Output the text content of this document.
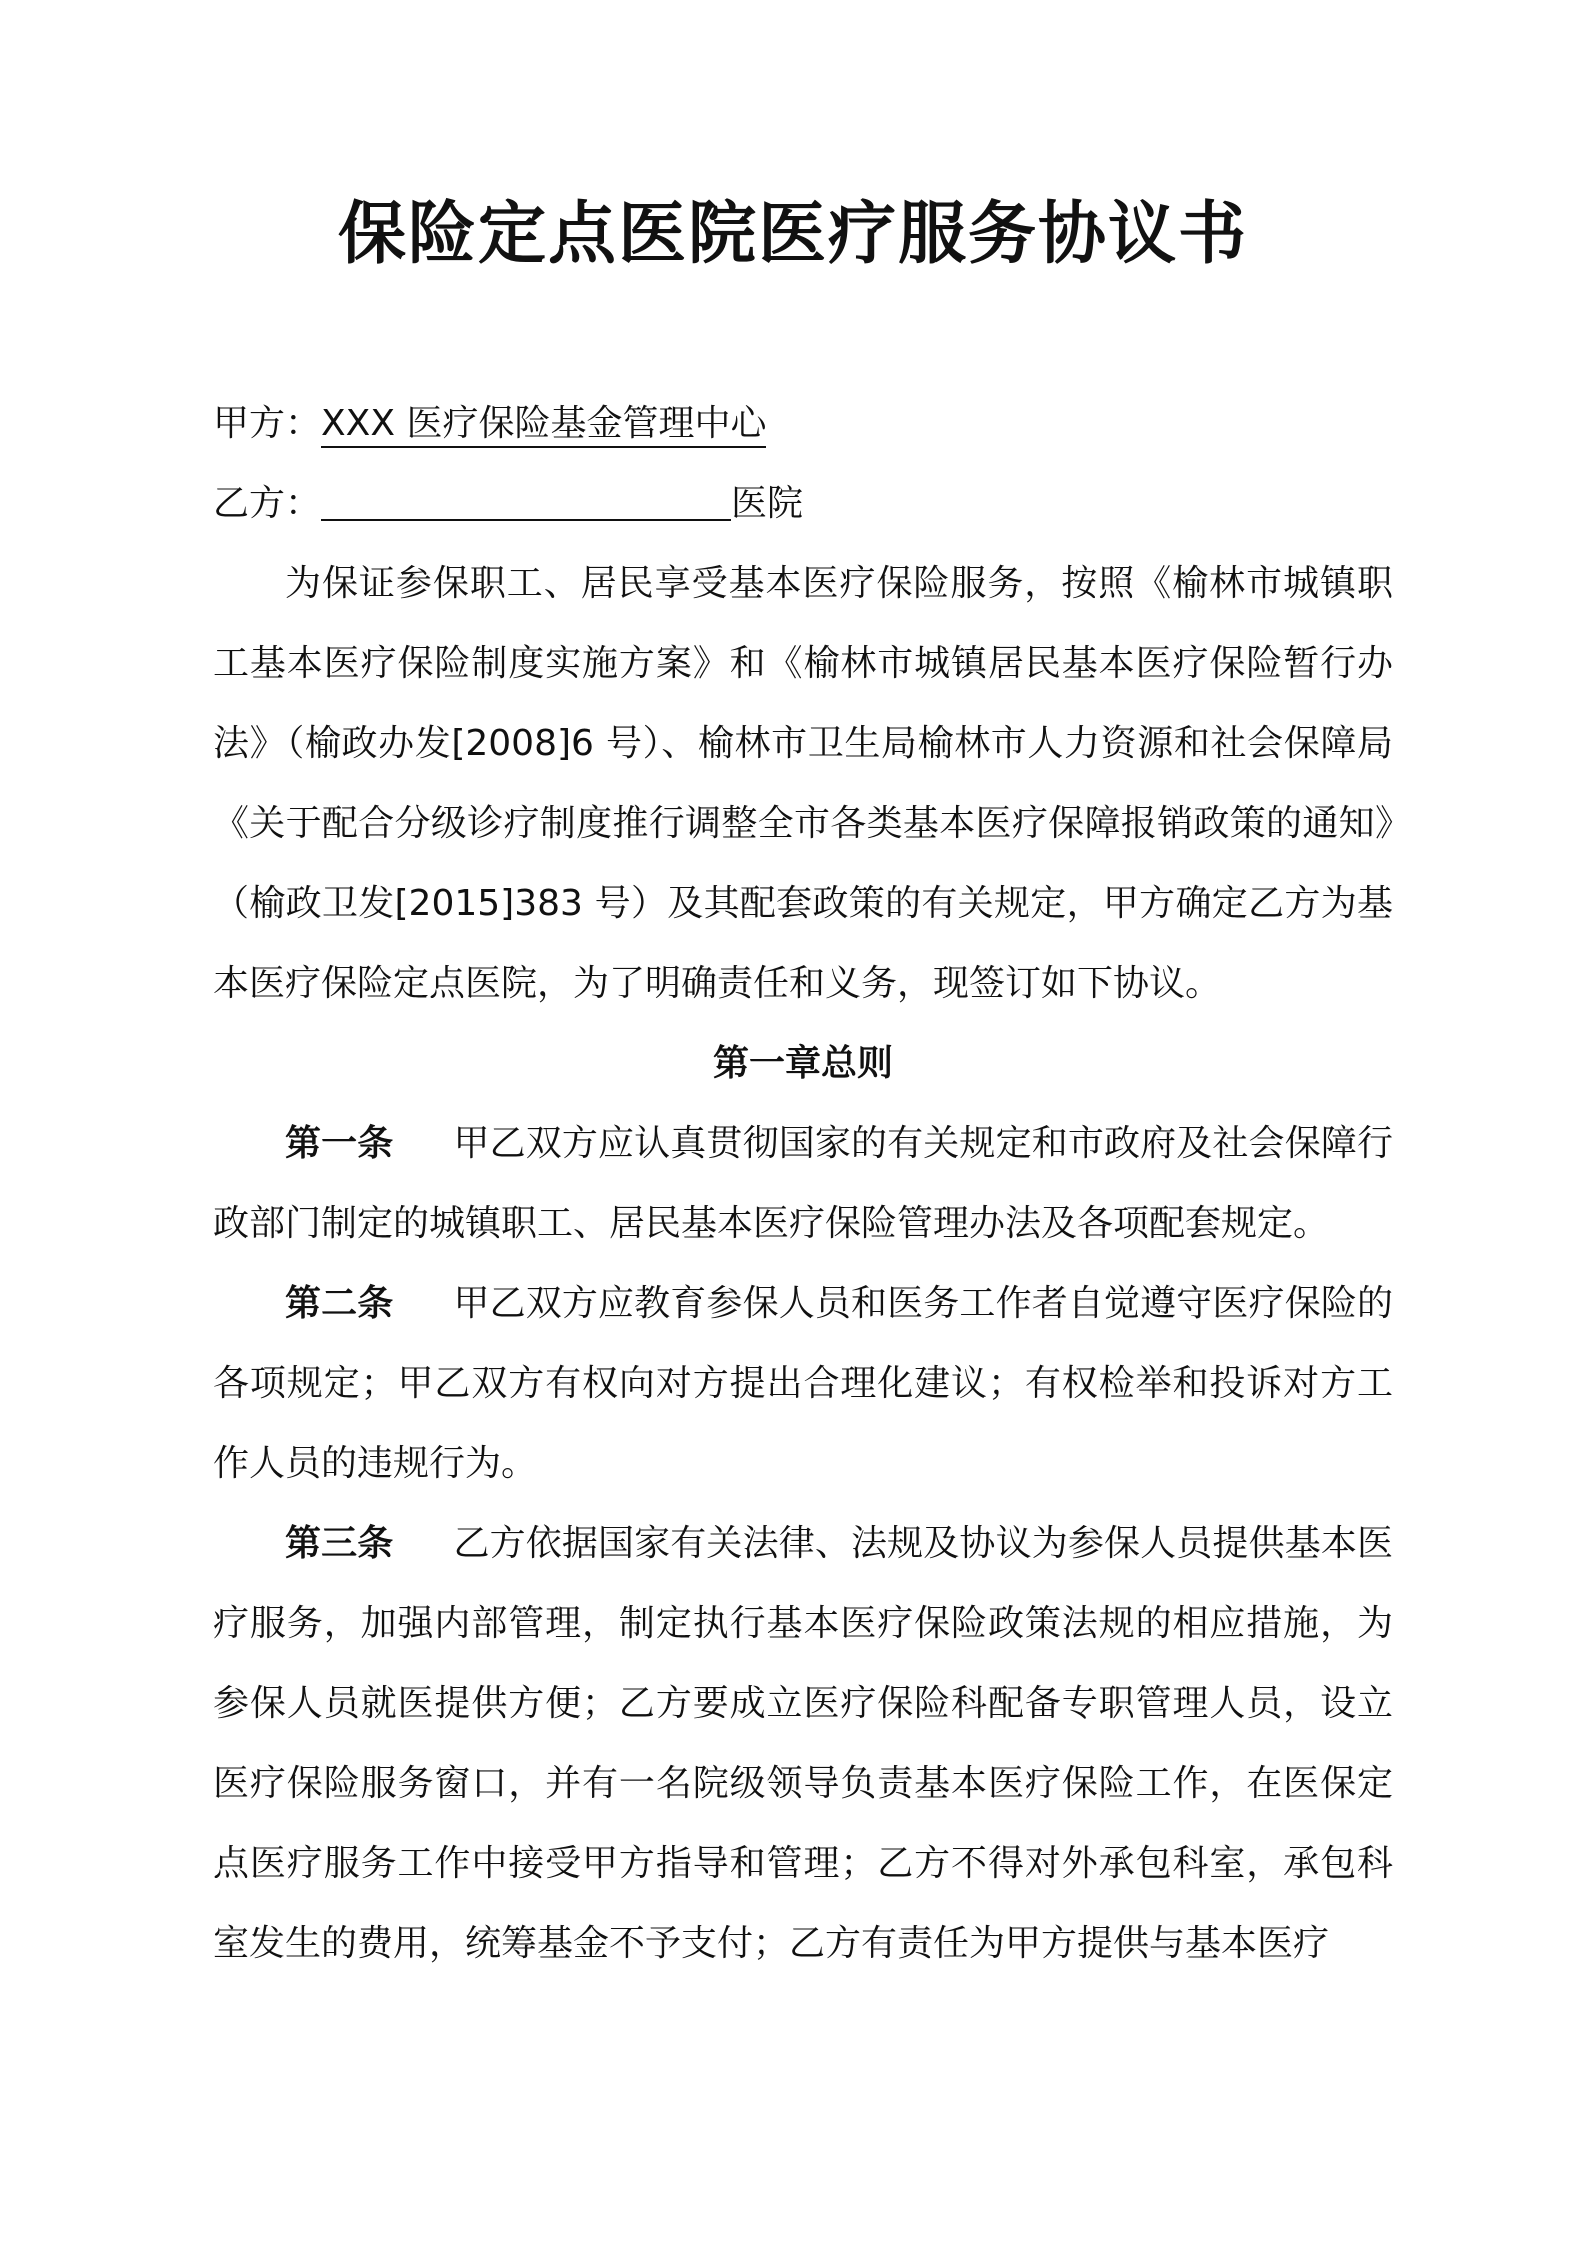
保险定点医院医疗服务协议书
甲方：XXX 医疗保险基金管理中心
乙方：	医院

为保证参保职工、居民享受基本医疗保险服务，按照《榆林市城镇职工基本医疗保险制度实施方案》和《榆林市城镇居民基本医疗保险暂行办法》（榆政办发[2008]6 号）、榆林市卫生局榆林市人力资源和社会保障局《关于配合分级诊疗制度推行调整全市各类基本医疗保障报销政策的通知》（榆政卫发[2015]383 号）及其配套政策的有关规定，甲方确定乙方为基本医疗保险定点医院，为了明确责任和义务，现签订如下协议。

第一章总则

第一条 甲乙双方应认真贯彻国家的有关规定和市政府及社会保障行政部门制定的城镇职工、居民基本医疗保险管理办法及各项配套规定。

第二条 甲乙双方应教育参保人员和医务工作者自觉遵守医疗保险的各项规定；甲乙双方有权向对方提出合理化建议；有权检举和投诉对方工作人员的违规行为。

第三条 乙方依据国家有关法律、法规及协议为参保人员提供基本医疗服务，加强内部管理，制定执行基本医疗保险政策法规的相应措施，为参保人员就医提供方便；乙方要成立医疗保险科配备专职管理人员，设立医疗保险服务窗口，并有一名院级领导负责基本医疗保险工作，在医保定点医疗服务工作中接受甲方指导和管理；乙方不得对外承包科室，承包科室发生的费用，统筹基金不予支付；乙方有责任为甲方提供与基本医疗
